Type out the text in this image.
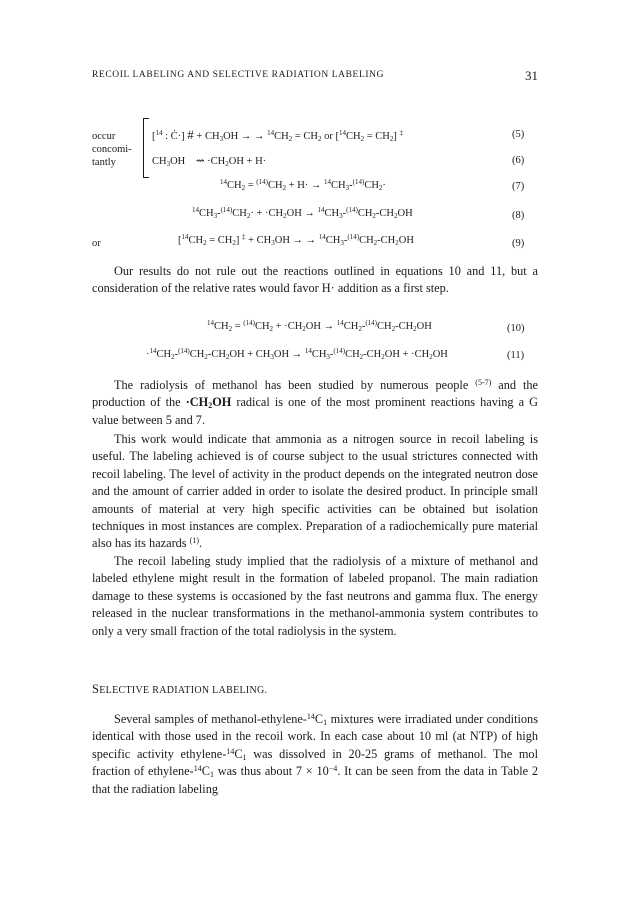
RECOIL LABELING AND SELECTIVE RADIATION LABELING	31
occur
concomi-
tantly
[$^{14}$ : Ċ·] # + $CH_3OH$ → → $^{14}CH_2 = CH_2$ or $[^{14}CH_2 = CH_2]$ ‡	(5)
$CH_3OH$    ⇝ $\cdot CH_2OH + H\cdot$	(6)
$^{14}CH_2 = ^{(14)}CH_2 + H\cdot \to ^{14}CH_3-^{(14)}CH_2\cdot$	(7)
$^{14}CH_3-^{(14)}CH_2\cdot + \cdot CH_2OH \to ^{14}CH_3-^{(14)}CH_2-CH_2OH$	(8)
or	$[^{14}CH_2 = CH_2] ^\ddagger + CH_3OH$ → → $^{14}CH_3-^{(14)}CH_2-CH_2OH$	(9)

Our results do not rule out the reactions outlined in equations 10 and 11, but a consideration of the relative rates would favor H· addition as a first step.

$^{14}CH_2 = ^{(14)}CH_2 + \cdot CH_2OH \to ^{14}CH_2-^{(14)}CH_2-CH_2OH$	(10)
$\cdot^{14}CH_2-^{(14)}CH_2-CH_2OH + CH_3OH \to ^{14}CH_3-^{(14)}CH_2-CH_2OH + \cdot CH_2OH$	(11)

The radiolysis of methanol has been studied by numerous people $^{(5-7)}$ and the production of the $\cdot CH_2OH$ radical is one of the most prominent reactions having a G value between 5 and 7.

This work would indicate that ammonia as a nitrogen source in recoil labeling is useful. The labeling achieved is of course subject to the usual strictures connected with recoil labeling. The level of activity in the product depends on the integrated neutron dose and the amount of carrier added in order to isolate the desired product. In principle small amounts of material at very high specific activities can be obtained but isolation techniques in most instances are complex. Preparation of a radiochemically pure material also has its hazards $^{(1)}$.

The recoil labeling study implied that the radiolysis of a mixture of methanol and labeled ethylene might result in the formation of labeled propanol. The main radiation damage to these systems is occasioned by the fast neutrons and gamma flux. The energy released in the nuclear transformations in the methanol-ammonia system contributes to only a very small fraction of the total radiolysis in the system.

SELECTIVE RADIATION LABELING.

Several samples of methanol-$ethylene-^{14}C_1$ mixtures were irradiated under conditions identical with those used in the recoil work. In each case about 10 ml (at NTP) of high specific activity ethylene-$^{14}C_1$ was dissolved in 20-25 grams of methanol. The mol fraction of ethylene-$^{14}C_1$ was thus about $7 \times 10^{-4}$. It can be seen from the data in Table 2 that the radiation labeling
